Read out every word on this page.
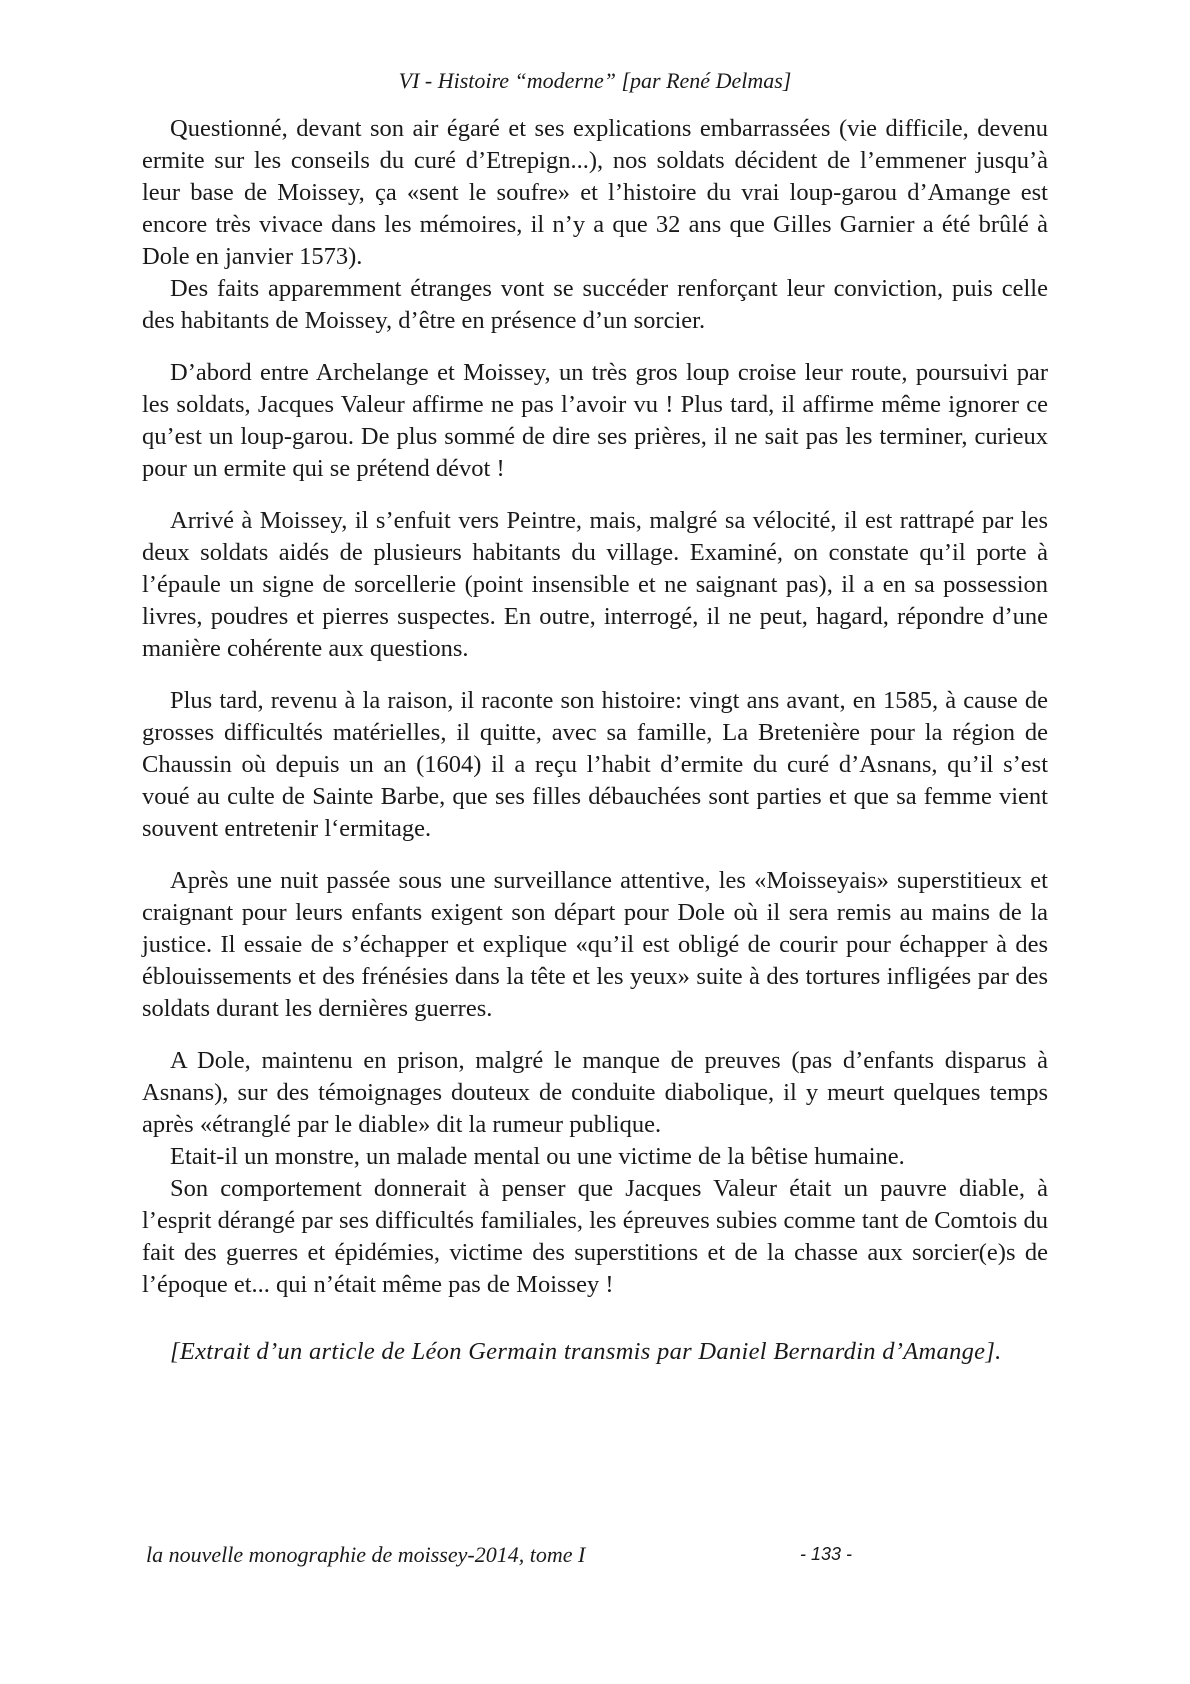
VI - Histoire “moderne” [par René Delmas]

Questionné, devant son air égaré et ses explications embarrassées (vie difficile, devenu ermite sur les conseils du curé d’Etrepign...), nos soldats décident de l’emmener jusqu’à leur base de Moissey, ça «sent le soufre» et l’histoire du vrai loup-garou d’Amange est encore très vivace dans les mémoires, il n’y a que 32 ans que Gilles Garnier a été brûlé à Dole en janvier 1573).

Des faits apparemment étranges vont se succéder renforçant leur conviction, puis celle des habitants de Moissey, d’être en présence d’un sorcier.

D’abord entre Archelange et Moissey, un très gros loup croise leur route, poursuivi par les soldats, Jacques Valeur affirme ne pas l’avoir vu ! Plus tard, il affirme même ignorer ce qu’est un loup-garou. De plus sommé de dire ses prières, il ne sait pas les terminer, curieux pour un ermite qui se prétend dévot !

Arrivé à Moissey, il s’enfuit vers Peintre, mais, malgré sa vélocité, il est rattrapé par les deux soldats aidés de plusieurs habitants du village. Examiné, on constate qu’il porte à l’épaule un signe de sorcellerie (point insensible et ne saignant pas), il a en sa possession livres, poudres et pierres suspectes. En outre, interrogé, il ne peut, hagard, répondre d’une manière cohérente aux questions.

Plus tard, revenu à la raison, il raconte son histoire: vingt ans avant, en 1585, à cause de grosses difficultés matérielles, il quitte, avec sa famille, La Bretenière pour la région de Chaussin où depuis un an (1604) il a reçu l’habit d’ermite du curé d’Asnans, qu’il s’est voué au culte de Sainte Barbe, que ses filles débauchées sont parties et que sa femme vient souvent entretenir l‘ermitage.

Après une nuit passée sous une surveillance attentive, les «Moisseyais» superstitieux et craignant pour leurs enfants exigent son départ pour Dole où il sera remis au mains de la justice. Il essaie de s’échapper et explique «qu’il est obligé de courir pour échapper à des éblouissements et des frénésies dans la tête et les yeux» suite à des tortures infligées par des soldats durant les dernières guerres.

A Dole, maintenu en prison, malgré le manque de preuves (pas d’enfants disparus à Asnans), sur des témoignages douteux de conduite diabolique, il y meurt quelques temps après «étranglé par le diable» dit la rumeur publique.

Etait-il un monstre, un malade mental ou une victime de la bêtise humaine.

Son comportement donnerait à penser que Jacques Valeur était un pauvre diable, à l’esprit dérangé par ses difficultés familiales, les épreuves subies comme tant de Comtois du fait des guerres et épidémies, victime des superstitions et de la chasse aux sorcier(e)s de l’époque et... qui n’était même pas de Moissey !

[Extrait d’un article de Léon Germain transmis par Daniel Bernardin d’Amange].

la nouvelle monographie de moissey-2014, tome I	- 133 -
